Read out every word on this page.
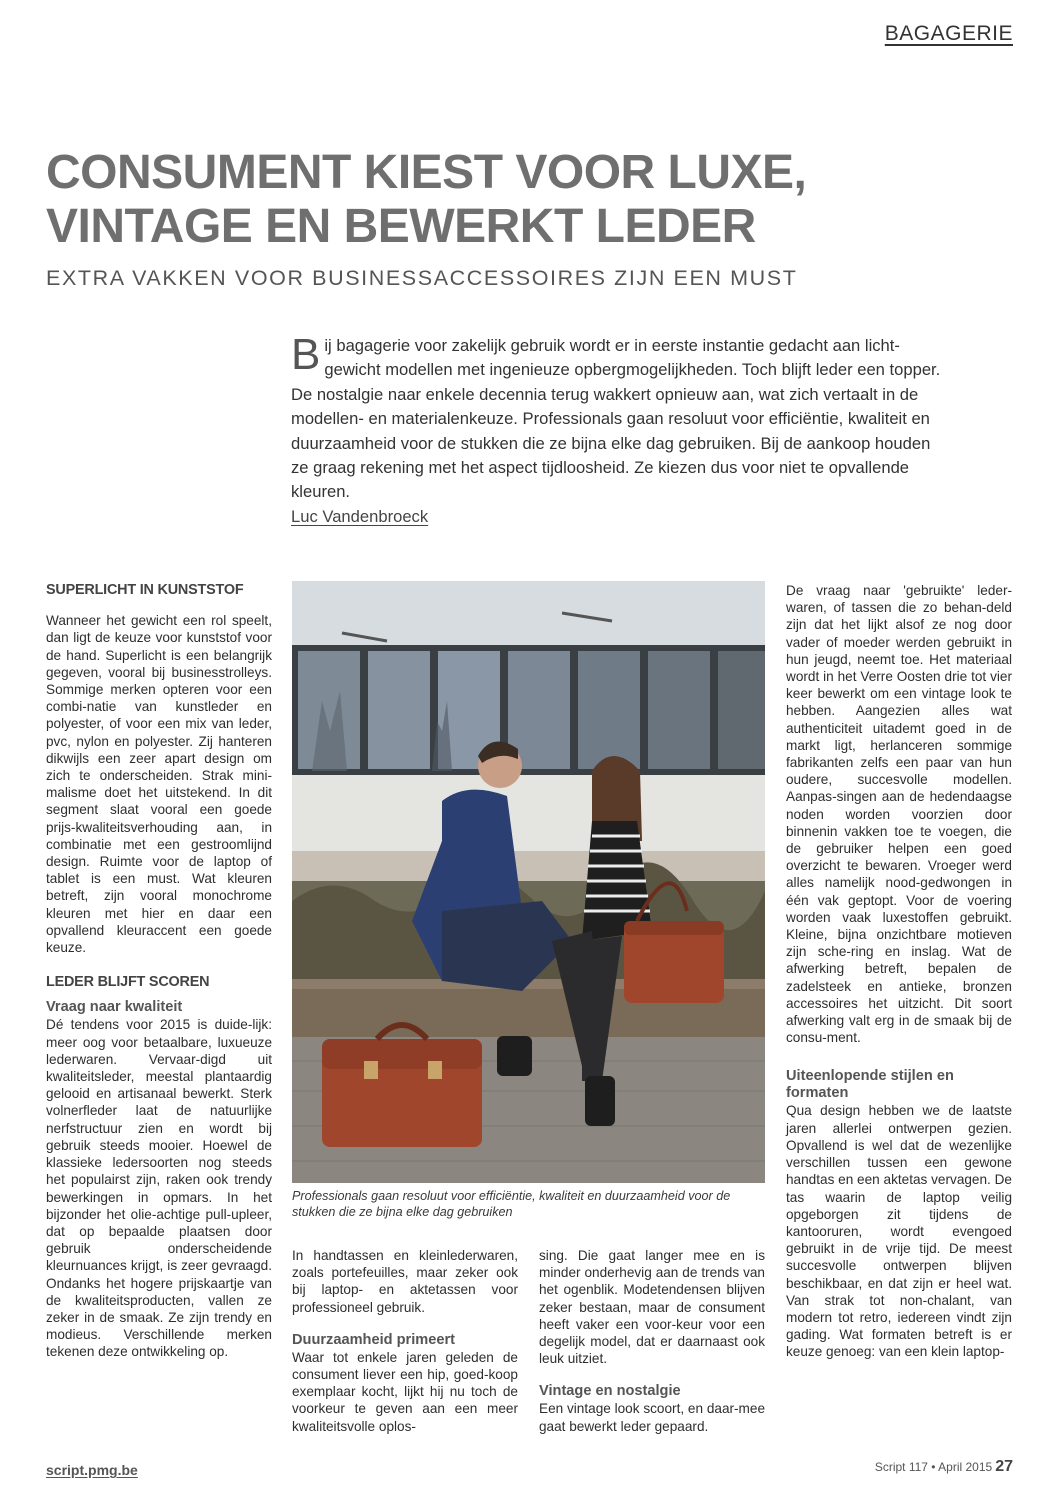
BAGAGERIE
CONSUMENT KIEST VOOR LUXE,
VINTAGE EN BEWERKT LEDER
EXTRA VAKKEN VOOR BUSINESSACCESSOIRES ZIJN EEN MUST
Bij bagagerie voor zakelijk gebruik wordt er in eerste instantie gedacht aan licht-gewicht modellen met ingenieuze opbergmogelijkheden. Toch blijft leder een topper. De nostalgie naar enkele decennia terug wakkert opnieuw aan, wat zich vertaalt in de modellen- en materialenkeuze. Professionals gaan resoluut voor efficiëntie, kwaliteit en duurzaamheid voor de stukken die ze bijna elke dag gebruiken. Bij de aankoop houden ze graag rekening met het aspect tijdloosheid. Ze kiezen dus voor niet te opvallende kleuren.
Luc Vandenbroeck
SUPERLICHT IN KUNSTSTOF

Wanneer het gewicht een rol speelt, dan ligt de keuze voor kunststof voor de hand. Superlicht is een belangrijk gegeven, vooral bij businesstrolleys. Sommige merken opteren voor een combi-natie van kunstleder en polyester, of voor een mix van leder, pvc, nylon en polyester. Zij hanteren dikwijls een zeer apart design om zich te onderscheiden. Strak mini-malisme doet het uitstekend. In dit segment slaat vooral een goede prijs-kwaliteitsverhouding aan, in combinatie met een gestroomlijnd design. Ruimte voor de laptop of tablet is een must. Wat kleuren betreft, zijn vooral monochrome kleuren met hier en daar een opvallend kleuraccent een goede keuze.

LEDER BLIJFT SCOREN
Vraag naar kwaliteit

Dé tendens voor 2015 is duide-lijk: meer oog voor betaalbare, luxueuze lederwaren. Vervaar-digd uit kwaliteitsleder, meestal plantaardig gelooid en artisanaal bewerkt. Sterk volnerfleder laat de natuurlijke nerfstructuur zien en wordt bij gebruik steeds mooier. Hoewel de klassieke ledersoorten nog steeds het populairst zijn, raken ook trendy bewerkingen in opmars. In het bijzonder het olie-achtige pull-upleer, dat op bepaalde plaatsen door gebruik onderscheidende kleurnuances krijgt, is zeer gevraagd. Ondanks het hogere prijskaartje van de kwaliteitsproducten, vallen ze zeker in de smaak. Ze zijn trendy en modieus. Verschillende merken tekenen deze ontwikkeling op.

Professionals gaan resoluut voor efficiëntie, kwaliteit en duurzaamheid voor de stukken die ze bijna elke dag gebruiken

In handtassen en kleinlederwaren, zoals portefeuilles, maar zeker ook bij laptop- en aktetassen voor professioneel gebruik.

Duurzaamheid primeert

Waar tot enkele jaren geleden de consument liever een hip, goed-koop exemplaar kocht, lijkt hij nu toch de voorkeur te geven aan een meer kwaliteitsvolle oplos-

sing. Die gaat langer mee en is minder onderhevig aan de trends van het ogenblik. Modetendensen blijven zeker bestaan, maar de consument heeft vaker een voor-keur voor een degelijk model, dat er daarnaast ook leuk uitziet.

Vintage en nostalgie

Een vintage look scoort, en daar-mee gaat bewerkt leder gepaard.

De vraag naar 'gebruikte' leder-waren, of tassen die zo behan-deld zijn dat het lijkt alsof ze nog door vader of moeder werden gebruikt in hun jeugd, neemt toe. Het materiaal wordt in het Verre Oosten drie tot vier keer bewerkt om een vintage look te hebben. Aangezien alles wat authenticiteit uitademt goed in de markt ligt, herlanceren sommige fabrikanten zelfs een paar van hun oudere, succesvolle modellen. Aanpas-singen aan de hedendaagse noden worden voorzien door binnenin vakken toe te voegen, die de gebruiker helpen een goed overzicht te bewaren. Vroeger werd alles namelijk nood-gedwongen in één vak geptopt. Voor de voering worden vaak luxestoffen gebruikt. Kleine, bijna onzichtbare motieven zijn sche-ring en inslag. Wat de afwerking betreft, bepalen de zadelsteek en antieke, bronzen accessoires het uitzicht. Dit soort afwerking valt erg in de smaak bij de consu-ment.

Uiteenlopende stijlen en formaten

Qua design hebben we de laatste jaren allerlei ontwerpen gezien. Opvallend is wel dat de wezenlijke verschillen tussen een gewone handtas en een aktetas vervagen. De tas waarin de laptop veilig opgeborgen zit tijdens de kantooruren, wordt evengoed gebruikt in de vrije tijd. De meest succesvolle ontwerpen blijven beschikbaar, en dat zijn er heel wat. Van strak tot non-chalant, van modern tot retro, iedereen vindt zijn gading. Wat formaten betreft is er keuze genoeg: van een klein laptop-

script.pmg.be	Script 117 • April 2015 27
